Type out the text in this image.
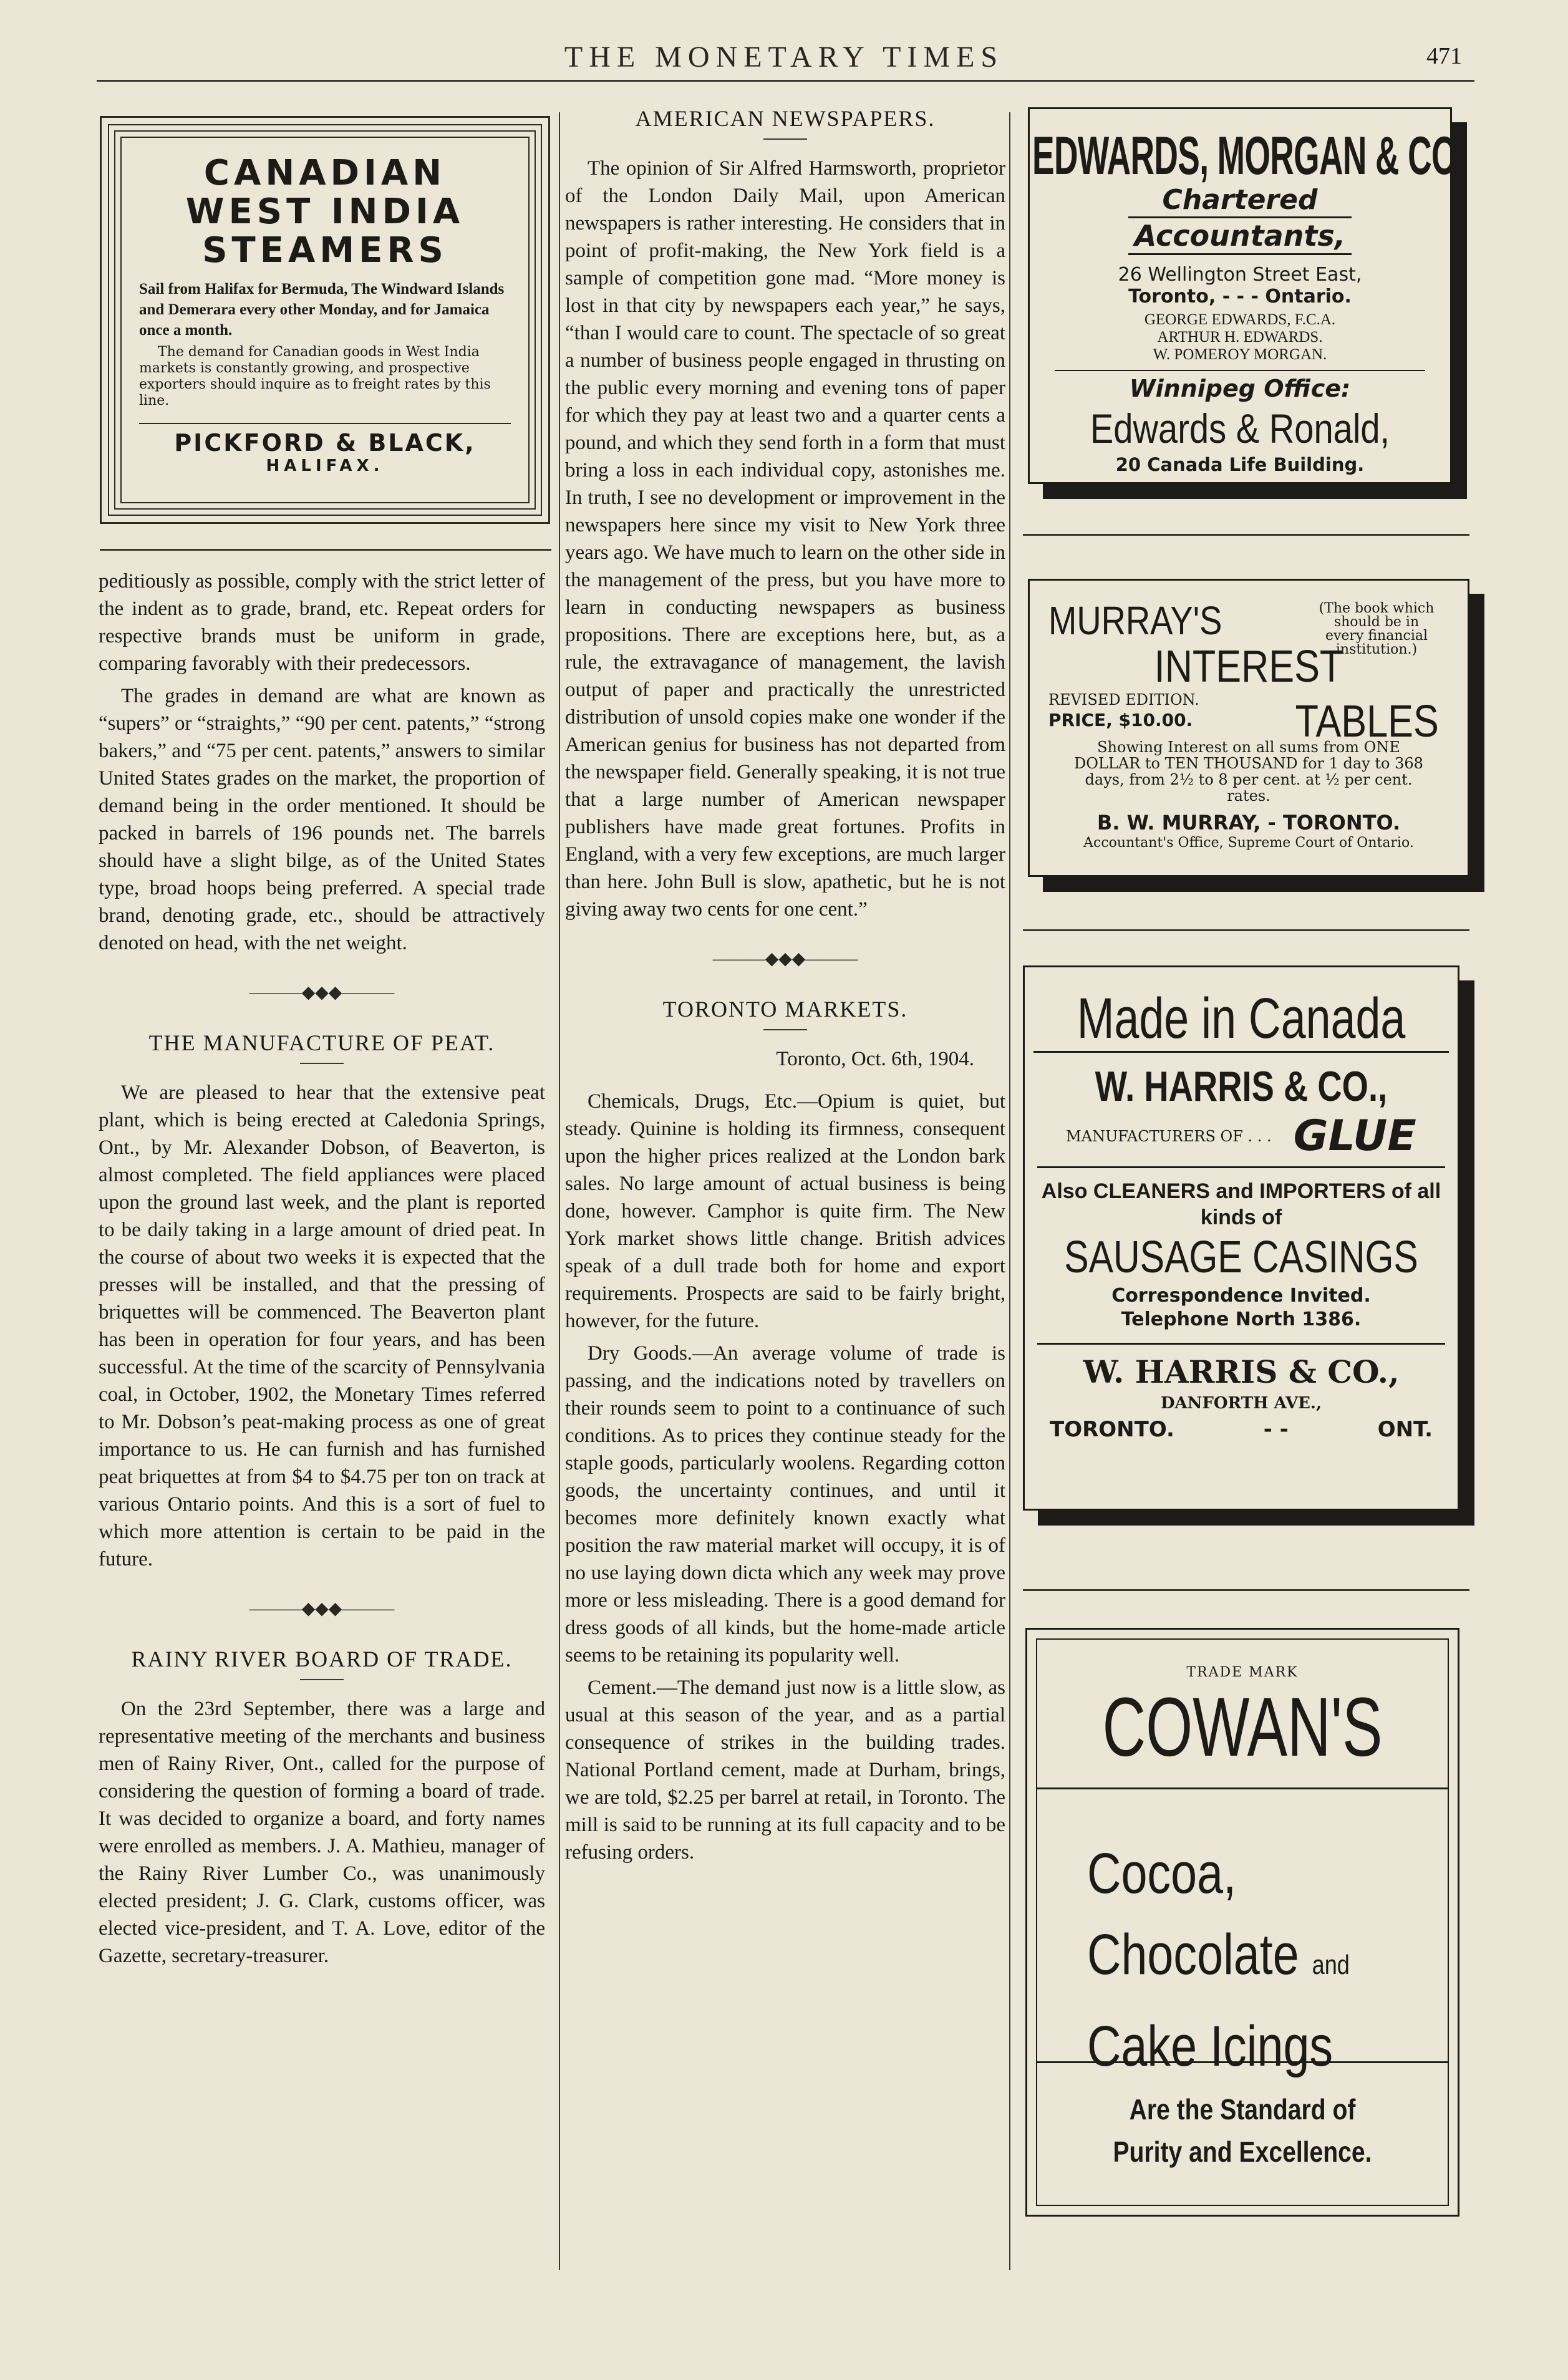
THE MONETARY TIMES	471
CANADIAN
WEST INDIA
STEAMERS
Sail from Halifax for Bermuda, The Windward Islands and Demerara every other Monday, and for Jamaica once a month.
The demand for Canadian goods in West India markets is constantly growing, and prospective exporters should inquire as to freight rates by this line.
PICKFORD & BLACK,
HALIFAX.

peditiously as possible, comply with the strict letter of the indent as to grade, brand, etc. Repeat orders for respective brands must be uniform in grade, comparing favorably with their predecessors.

The grades in demand are what are known as “supers” or “straights,” “90 per cent. patents,” “strong bakers,” and “75 per cent. patents,” answers to similar United States grades on the market, the proportion of demand being in the order mentioned. It should be packed in barrels of 196 pounds net. The barrels should have a slight bilge, as of the United States type, broad hoops being preferred. A special trade brand, denoting grade, etc., should be attractively denoted on head, with the net weight.

———◆◆◆———
THE MANUFACTURE OF PEAT.

We are pleased to hear that the extensive peat plant, which is being erected at Caledonia Springs, Ont., by Mr. Alexander Dobson, of Beaverton, is almost completed. The field appliances were placed upon the ground last week, and the plant is reported to be daily taking in a large amount of dried peat. In the course of about two weeks it is expected that the presses will be installed, and that the pressing of briquettes will be commenced. The Beaverton plant has been in operation for four years, and has been successful. At the time of the scarcity of Pennsylvania coal, in October, 1902, the Monetary Times referred to Mr. Dobson’s peat-making process as one of great importance to us. He can furnish and has furnished peat briquettes at from $4 to $4.75 per ton on track at various Ontario points. And this is a sort of fuel to which more attention is certain to be paid in the future.

———◆◆◆———
RAINY RIVER BOARD OF TRADE.

On the 23rd September, there was a large and representative meeting of the merchants and business men of Rainy River, Ont., called for the purpose of considering the question of forming a board of trade. It was decided to organize a board, and forty names were enrolled as members. J. A. Mathieu, manager of the Rainy River Lumber Co., was unanimously elected president; J. G. Clark, customs officer, was elected vice-president, and T. A. Love, editor of the Gazette, secretary-treasurer.

AMERICAN NEWSPAPERS.

The opinion of Sir Alfred Harmsworth, proprietor of the London Daily Mail, upon American newspapers is rather interesting. He considers that in point of profit-making, the New York field is a sample of competition gone mad. “More money is lost in that city by newspapers each year,” he says, “than I would care to count. The spectacle of so great a number of business people engaged in thrusting on the public every morning and evening tons of paper for which they pay at least two and a quarter cents a pound, and which they send forth in a form that must bring a loss in each individual copy, astonishes me. In truth, I see no development or improvement in the newspapers here since my visit to New York three years ago. We have much to learn on the other side in the management of the press, but you have more to learn in conducting newspapers as business propositions. There are exceptions here, but, as a rule, the extravagance of management, the lavish output of paper and practically the unrestricted distribution of unsold copies make one wonder if the American genius for business has not departed from the newspaper field. Generally speaking, it is not true that a large number of American newspaper publishers have made great fortunes. Profits in England, with a very few exceptions, are much larger than here. John Bull is slow, apathetic, but he is not giving away two cents for one cent.”

———◆◆◆———
TORONTO MARKETS.
Toronto, Oct. 6th, 1904.

Chemicals, Drugs, Etc.—Opium is quiet, but steady. Quinine is holding its firmness, consequent upon the higher prices realized at the London bark sales. No large amount of actual business is being done, however. Camphor is quite firm. The New York market shows little change. British advices speak of a dull trade both for home and export requirements. Prospects are said to be fairly bright, however, for the future.

Dry Goods.—An average volume of trade is passing, and the indications noted by travellers on their rounds seem to point to a continuance of such conditions. As to prices they continue steady for the staple goods, particularly woolens. Regarding cotton goods, the uncertainty continues, and until it becomes more definitely known exactly what position the raw material market will occupy, it is of no use laying down dicta which any week may prove more or less misleading. There is a good demand for dress goods of all kinds, but the home-made article seems to be retaining its popularity well.

Cement.—The demand just now is a little slow, as usual at this season of the year, and as a partial consequence of strikes in the building trades. National Portland cement, made at Durham, brings, we are told, $2.25 per barrel at retail, in Toronto. The mill is said to be running at its full capacity and to be refusing orders.

EDWARDS, MORGAN & CO.
Chartered
Accountants,
26 Wellington Street East,
Toronto, - - - Ontario.
GEORGE EDWARDS, F.C.A.
ARTHUR H. EDWARDS.
W. POMEROY MORGAN.
Winnipeg Office:
Edwards & Ronald,
20 Canada Life Building.
MURRAY'S	(The book which should be in every financial institution.)
INTEREST
REVISED EDITION.
PRICE, $10.00.	TABLES
Showing Interest on all sums from ONE DOLLAR to TEN THOUSAND for 1 day to 368 days, from 2½ to 8 per cent. at ½ per cent. rates.
B. W. MURRAY, - TORONTO.
Accountant's Office, Supreme Court of Ontario.
Made in Canada
W. HARRIS & CO.,
MANUFACTURERS OF . . . GLUE
Also CLEANERS and IMPORTERS of all kinds of
SAUSAGE CASINGS
Correspondence Invited.
Telephone North 1386.
W. HARRIS & CO.,
DANFORTH AVE.,
TORONTO.	- -	ONT.
TRADE MARK
COWAN'S
Cocoa,
Chocolate and
Cake Icings
Are the Standard of
Purity and Excellence.
